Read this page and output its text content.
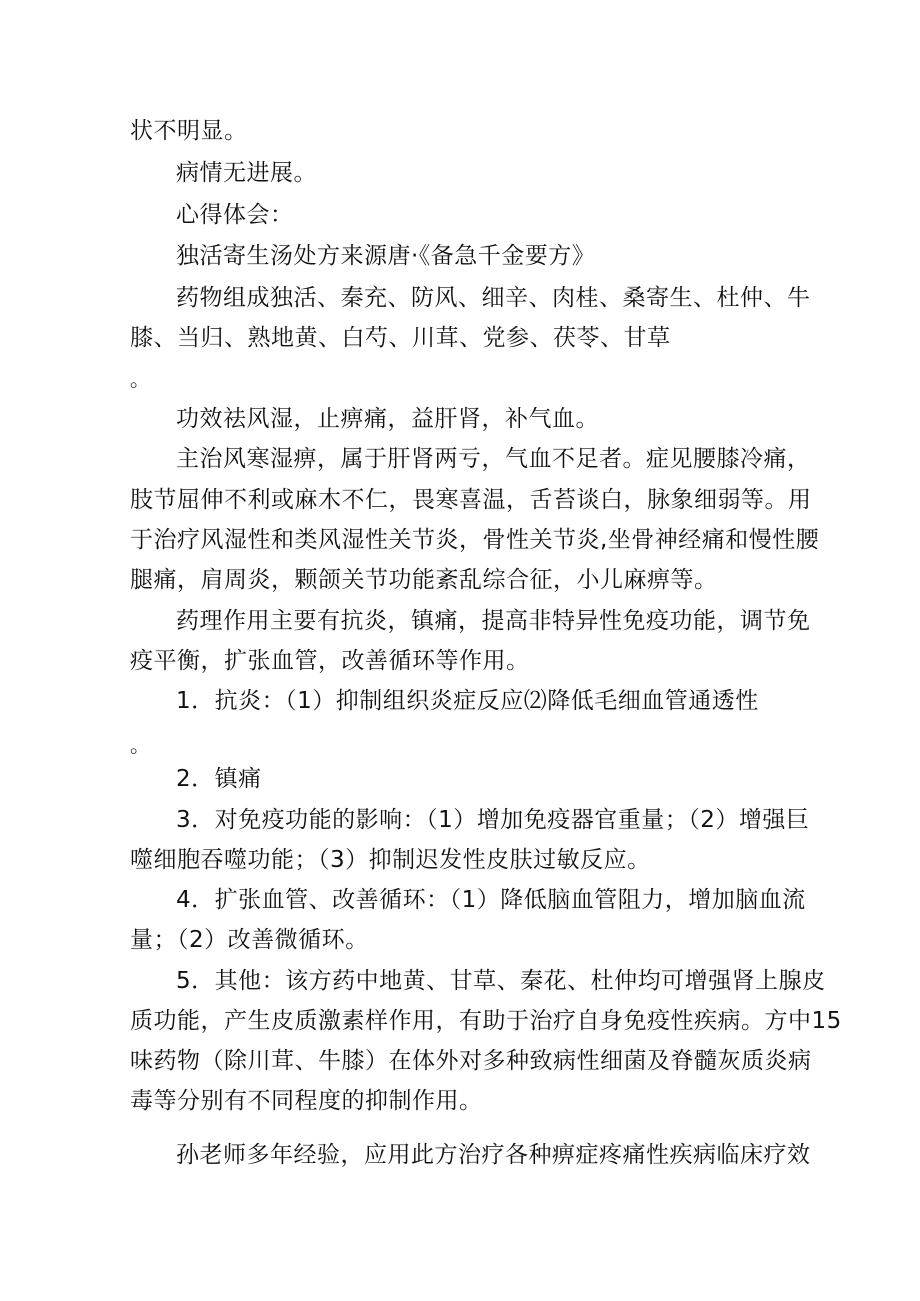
状不明显。
病情无进展。
心得体会：
独活寄生汤处方来源唐·《备急千金要方》
药物组成独活、秦充、防风、细辛、肉桂、桑寄生、杜仲、牛
膝、当归、熟地黄、白芍、川茸、党参、茯苓、甘草
。
功效祛风湿，止痹痛，益肝肾，补气血。
主治风寒湿痹，属于肝肾两亏，气血不足者。症见腰膝冷痛，
肢节屈伸不利或麻木不仁，畏寒喜温，舌苔谈白，脉象细弱等。用
于治疗风湿性和类风湿性关节炎，骨性关节炎,坐骨神经痛和慢性腰
腿痛，肩周炎，颗颌关节功能紊乱综合征，小儿麻痹等。
药理作用主要有抗炎，镇痛，提高非特异性免疫功能，调节免
疫平衡，扩张血管，改善循环等作用。
1．抗炎：（1）抑制组织炎症反应⑵降低毛细血管通透性
。
2．镇痛
3．对免疫功能的影响：（1）增加免疫器官重量；（2）增强巨
噬细胞吞噬功能；（3）抑制迟发性皮肤过敏反应。
4．扩张血管、改善循环：（1）降低脑血管阻力，增加脑血流
量；（2）改善微循环。
5．其他：该方药中地黄、甘草、秦花、杜仲均可增强肾上腺皮
质功能，产生皮质激素样作用，有助于治疗自身免疫性疾病。方中15
味药物（除川茸、牛膝）在体外对多种致病性细菌及脊髓灰质炎病
毒等分别有不同程度的抑制作用。
孙老师多年经验，应用此方治疗各种痹症疼痛性疾病临床疗效
